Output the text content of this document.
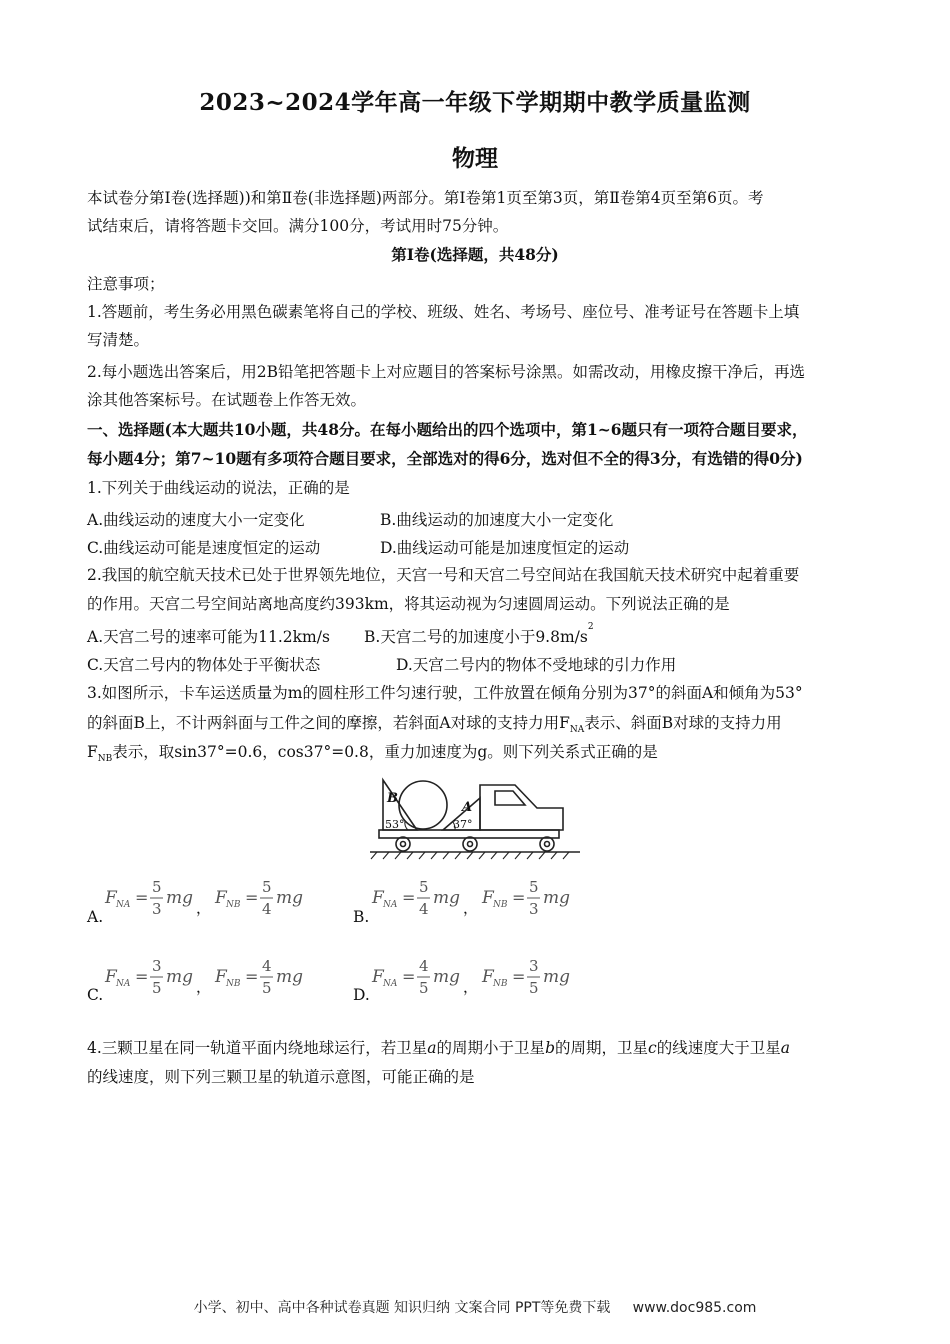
2023~2024学年高一年级下学期期中教学质量监测
物理
本试卷分第Ⅰ卷(选择题))和第Ⅱ卷(非选择题)两部分。第Ⅰ卷第1页至第3页，第Ⅱ卷第4页至第6页。考
试结束后，请将答题卡交回。满分100分，考试用时75分钟。
第Ⅰ卷(选择题，共48分)
注意事项；
1.答题前，考生务必用黑色碳素笔将自己的学校、班级、姓名、考场号、座位号、准考证号在答题卡上填
写清楚。
2.每小题选出答案后，用2B铅笔把答题卡上对应题目的答案标号涂黑。如需改动，用橡皮擦干净后，再选
涂其他答案标号。在试题卷上作答无效。
一、选择题(本大题共10小题，共48分。在每小题给出的四个选项中，第1~6题只有一项符合题目要求，
每小题4分；第7~10题有多项符合题目要求，全部选对的得6分，选对但不全的得3分，有选错的得0分)
1.下列关于曲线运动的说法，正确的是
A.曲线运动的速度大小一定变化	B.曲线运动的加速度大小一定变化
C.曲线运动可能是速度恒定的运动	D.曲线运动可能是加速度恒定的运动
2.我国的航空航天技术已处于世界领先地位，天宫一号和天宫二号空间站在我国航天技术研究中起着重要
的作用。天宫二号空间站离地高度约393km，将其运动视为匀速圆周运动。下列说法正确的是
A.天宫二号的速率可能为11.2km/s B.天宫二号的加速度小于$9.8m/s^2$
C.天宫二号内的物体处于平衡状态	D.天宫二号内的物体不受地球的引力作用
3.如图所示，卡车运送质量为m的圆柱形工件匀速行驶，工件放置在倾角分别为37°的斜面A和倾角为53°
的斜面B上，不计两斜面与工件之间的摩擦，若斜面A对球的支持力用$F_{NA}$表示、斜面B对球的支持力用
$F_{NB}$表示，取sin37°=0.6，cos37°=0.8，重力加速度为g。则下列关系式正确的是
B
A
53°	37°
A.
F NA =
5
3
mg ， F NB =
5
4
mg
B.
F NA =
5
4
mg ， F NB =
5
3
mg
C.
F NA =
3
5
mg ， F NB =
4
5
mg
D.
F NA =
4
5
mg ， F NB =
3
5
mg
4.三颗卫星在同一轨道平面内绕地球运行，若卫星a的周期小于卫星b的周期，卫星c的线速度大于卫星a
的线速度，则下列三颗卫星的轨道示意图，可能正确的是
小学、初中、高中各种试卷真题 知识归纳 文案合同 PPT等免费下载 www.doc985.com
